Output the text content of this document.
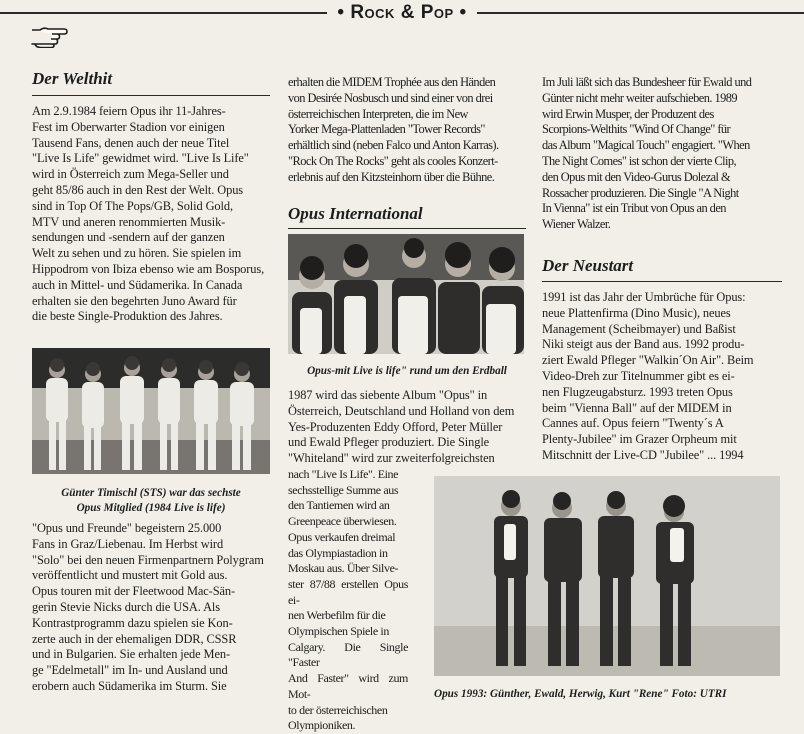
• Rock & Pop •
Der Welthit
Am 2.9.1984 feiern Opus ihr 11-Jahres-
Fest im Oberwarter Stadion vor einigen
Tausend Fans, denen auch der neue Titel
"Live Is Life" gewidmet wird. "Live Is Life"
wird in Österreich zum Mega-Seller und
geht 85/86 auch in den Rest der Welt. Opus
sind in Top Of The Pops/GB, Solid Gold,
MTV und aneren renommierten Musik-
sendungen und -sendern auf der ganzen
Welt zu sehen und zu hören. Sie spielen im
Hippodrom von Ibiza ebenso wie am Bosporus,
auch in Mittel- und Südamerika. In Canada
erhalten sie den begehrten Juno Award für
die beste Single-Produktion des Jahres.
Günter Timischl (STS) war das sechste
Opus Mitglied (1984 Live is life)
"Opus und Freunde" begeistern 25.000
Fans in Graz/Liebenau. Im Herbst wird
"Solo" bei den neuen Firmenpartnern Polygram
veröffentlicht und mustert mit Gold aus.
Opus touren mit der Fleetwood Mac-Sän-
gerin Stevie Nicks durch die USA. Als
Kontrastprogramm dazu spielen sie Kon-
zerte auch in der ehemaligen DDR, CSSR
und in Bulgarien. Sie erhalten jede Men-
ge "Edelmetall" im In- und Ausland und
erobern auch Südamerika im Sturm. Sie
erhalten die MIDEM Trophée aus den Händen
von Desirée Nosbusch und sind einer von drei
österreichischen Interpreten, die im New
Yorker Mega-Plattenladen "Tower Records"
erhältlich sind (neben Falco und Anton Karras).
"Rock On The Rocks" geht als cooles Konzert-
erlebnis auf den Kitzsteinhorn über die Bühne.
Opus International
Opus-mit Live is life" rund um den Erdball
1987 wird das siebente Album "Opus" in
Österreich, Deutschland und Holland von dem
Yes-Produzenten Eddy Offord, Peter Müller
und Ewald Pfleger produziert. Die Single
"Whiteland" wird zur zweiterfolgreichsten
nach "Live Is Life". Eine
sechsstellige Summe aus
den Tantiemen wird an
Greenpeace überwiesen.
Opus verkaufen dreimal
das Olympiastadion in
Moskau aus. Über Silve-
ster 87/88 erstellen Opus ei-
nen Werbefilm für die
Olympischen Spiele in
Calgary. Die Single "Faster
And Faster" wird zum Mot-
to der österreichischen
Olympioniken.
Im Juli läßt sich das Bundesheer für Ewald und
Günter nicht mehr weiter aufschieben. 1989
wird Erwin Musper, der Produzent des
Scorpions-Welthits "Wind Of Change" für
das Album "Magical Touch" engagiert. "When
The Night Comes" ist schon der vierte Clip,
den Opus mit den Video-Gurus Dolezal &
Rossacher produzieren. Die Single "A Night
In Vienna" ist ein Tribut von Opus an den
Wiener Walzer.
Der Neustart
1991 ist das Jahr der Umbrüche für Opus:
neue Plattenfirma (Dino Music), neues
Management (Scheibmayer) und Baßist
Niki steigt aus der Band aus. 1992 produ-
ziert Ewald Pfleger "Walkin´On Air". Beim
Video-Dreh zur Titelnummer gibt es ei-
nen Flugzeugabsturz. 1993 treten Opus
beim "Vienna Ball" auf der MIDEM in
Cannes auf. Opus feiern "Twenty´s A
Plenty-Jubilee" im Grazer Orpheum mit
Mitschnitt der Live-CD "Jubilee" ... 1994
Opus 1993: Günther, Ewald, Herwig, Kurt "Rene" Foto: UTRI
